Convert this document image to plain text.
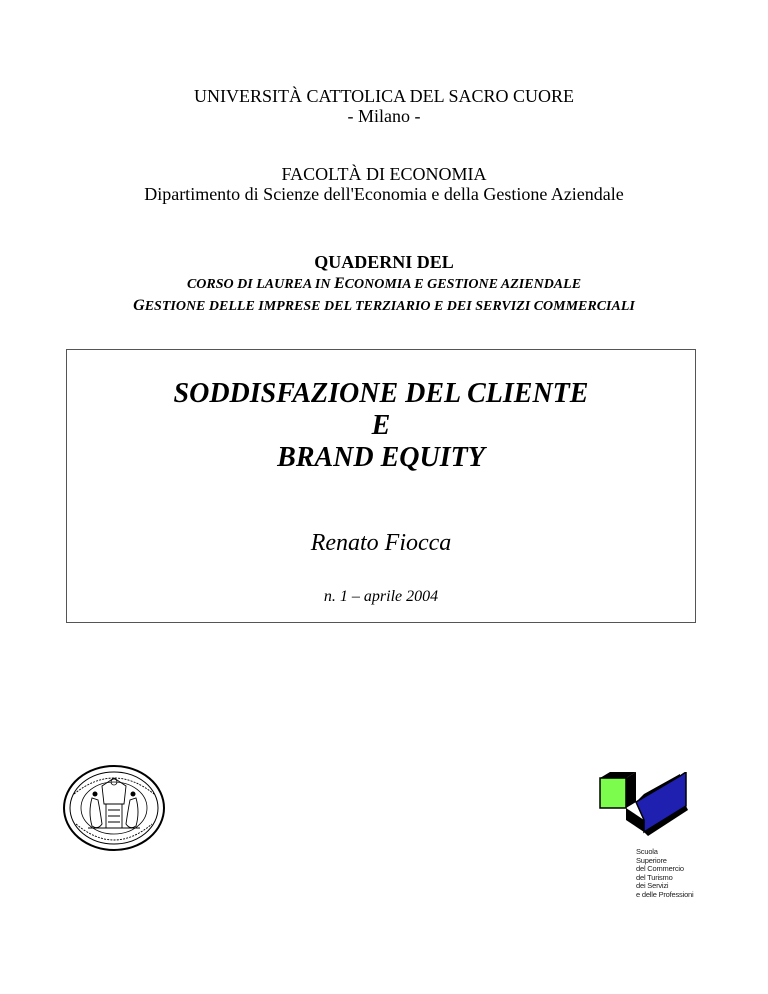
UNIVERSITÀ CATTOLICA DEL SACRO CUORE
- Milano -
FACOLTÀ DI ECONOMIA
Dipartimento di Scienze dell'Economia e della Gestione Aziendale
QUADERNI DEL
CORSO DI LAUREA IN ECONOMIA E GESTIONE AZIENDALE
GESTIONE DELLE IMPRESE DEL TERZIARIO E DEI SERVIZI COMMERCIALI
SODDISFAZIONE DEL CLIENTE
E
BRAND EQUITY
Renato Fiocca
n. 1 – aprile 2004
Scuola
Superiore
del Commercio
del Turismo
dei Servizi
e delle Professioni
